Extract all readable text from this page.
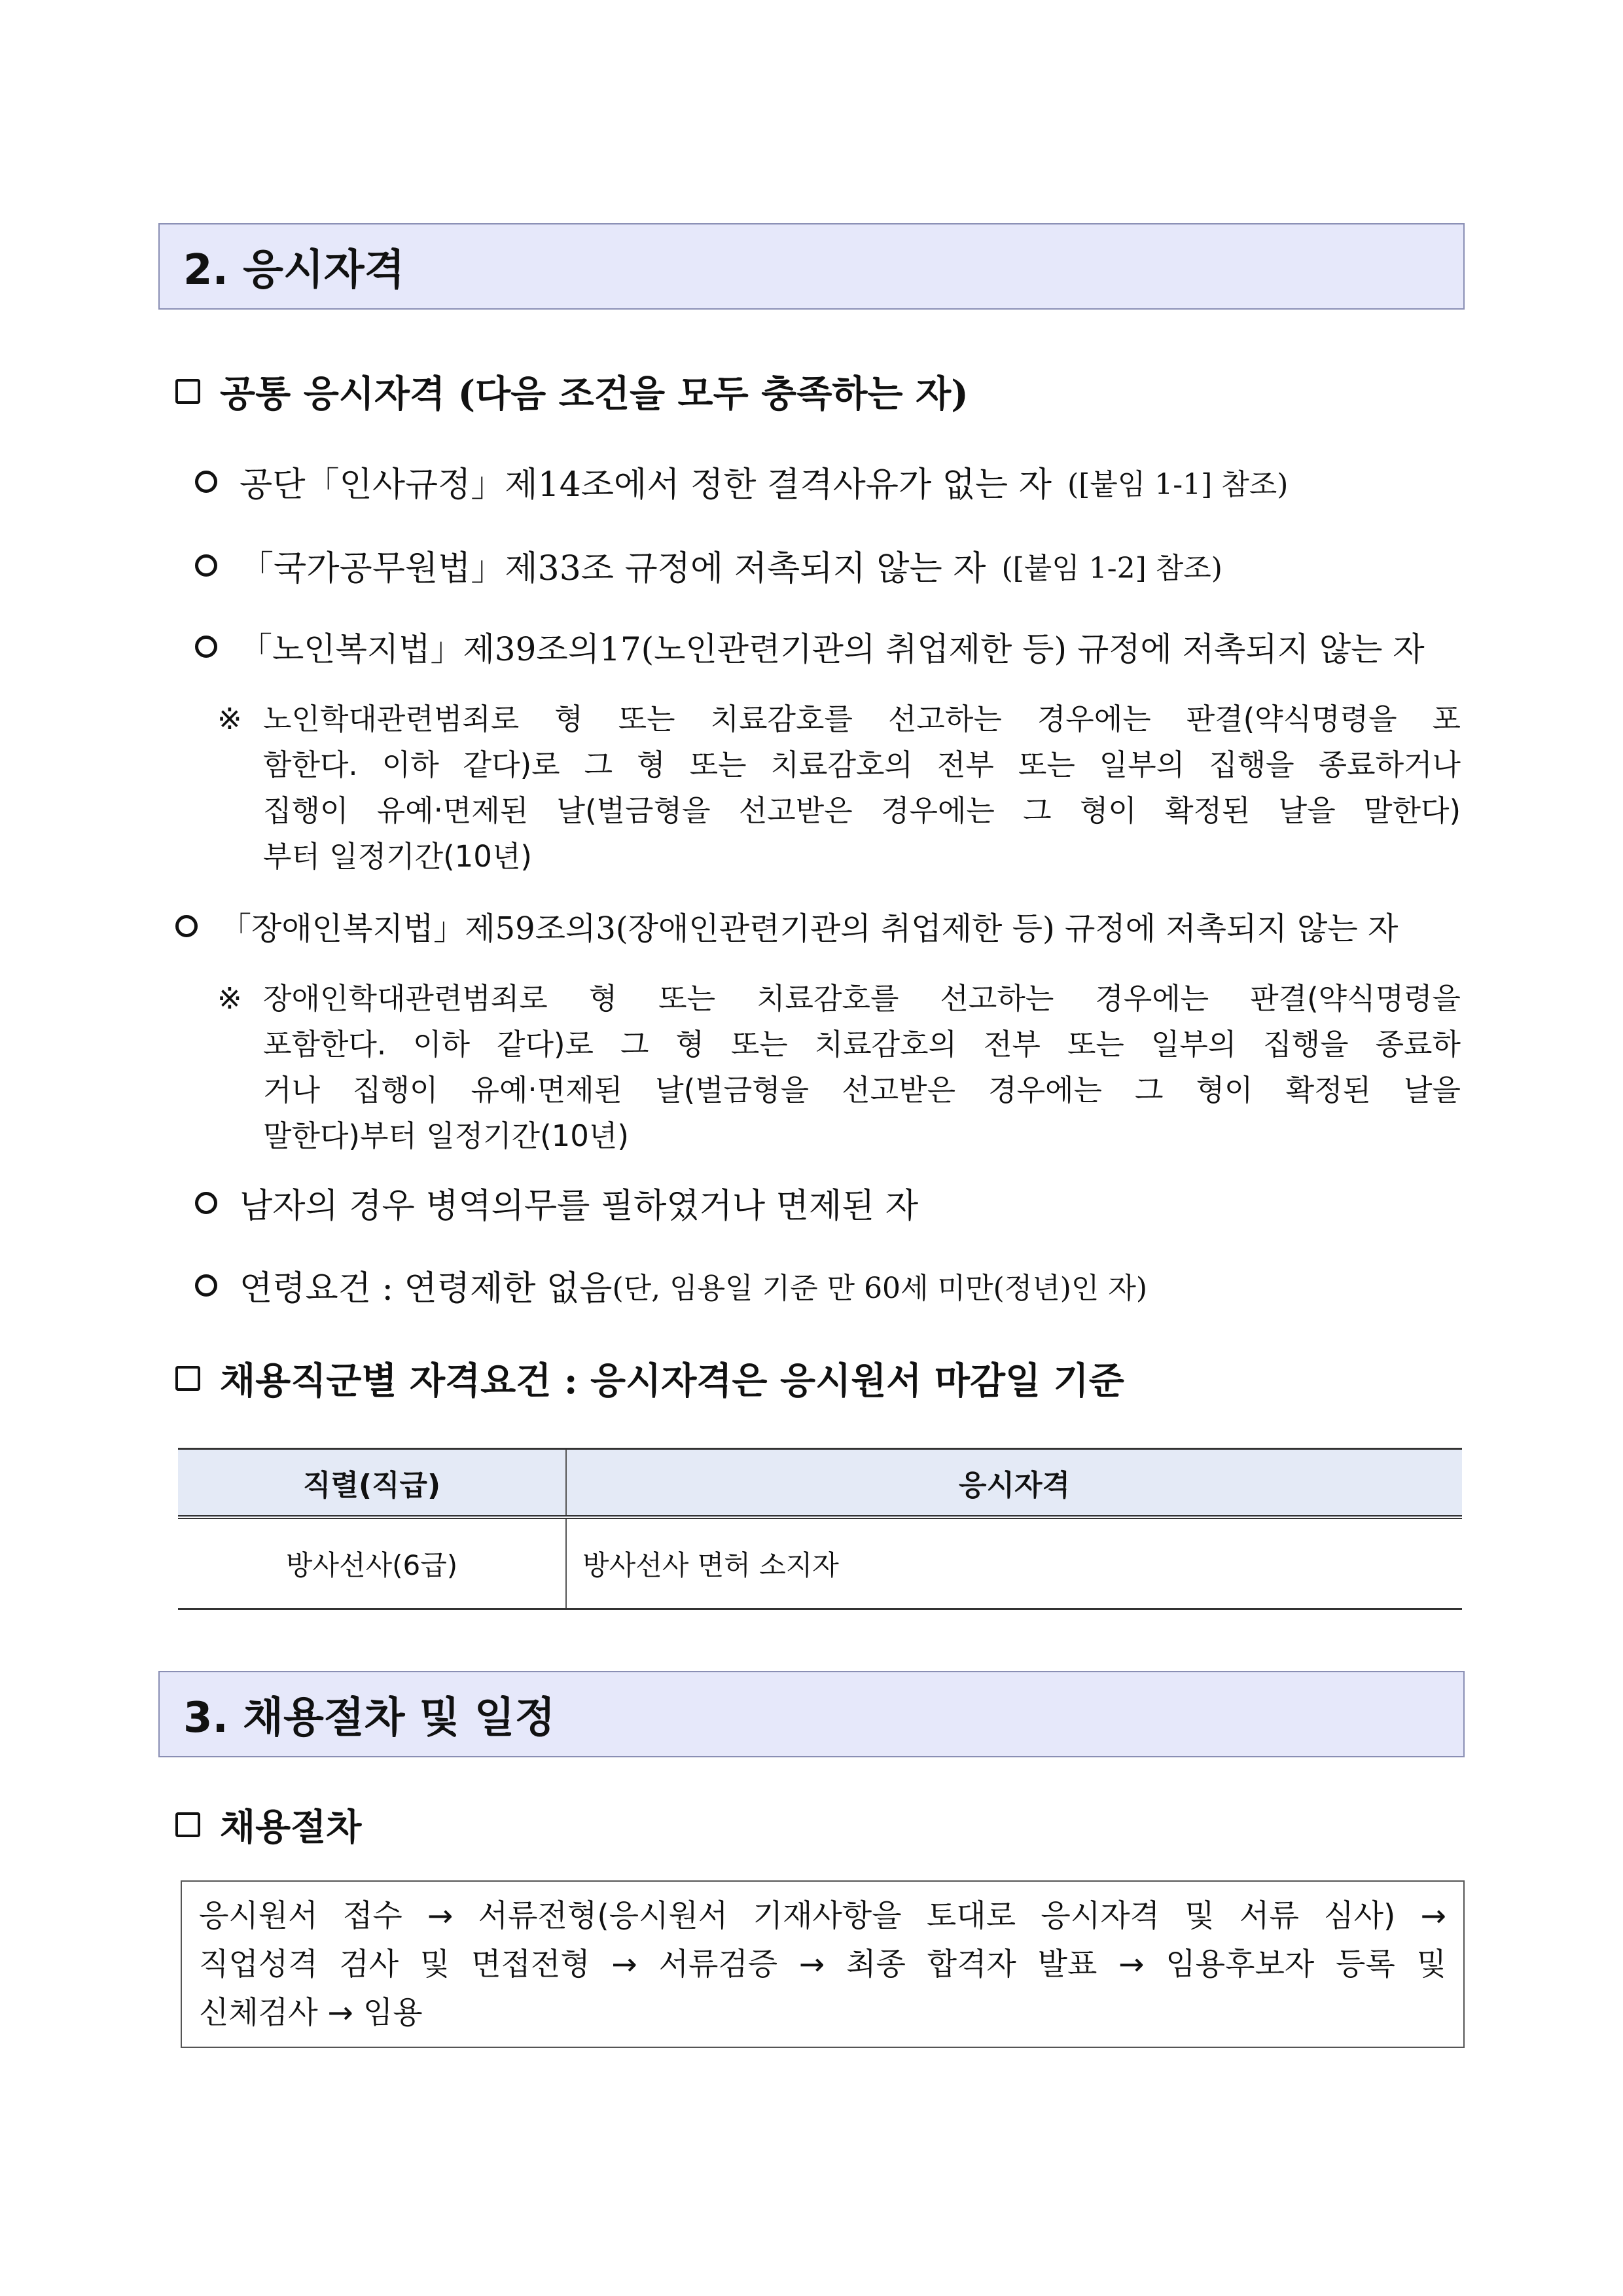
2. 응시자격
공통 응시자격 (다음 조건을 모두 충족하는 자)
공단「인사규정」제14조에서 정한 결격사유가 없는 자 ([붙임 1-1] 참조)
「국가공무원법」제33조 규정에 저촉되지 않는 자 ([붙임 1-2] 참조)
「노인복지법」제39조의17(노인관련기관의 취업제한 등) 규정에 저촉되지 않는 자
※ 노인학대관련범죄로 형 또는 치료감호를 선고하는 경우에는 판결(약식명령을 포
함한다. 이하 같다)로 그 형 또는 치료감호의 전부 또는 일부의 집행을 종료하거나
집행이 유예‧면제된 날(벌금형을 선고받은 경우에는 그 형이 확정된 날을 말한다)
부터 일정기간(10년)
「장애인복지법」제59조의3(장애인관련기관의 취업제한 등) 규정에 저촉되지 않는 자
※ 장애인학대관련범죄로 형 또는 치료감호를 선고하는 경우에는 판결(약식명령을
포함한다. 이하 같다)로 그 형 또는 치료감호의 전부 또는 일부의 집행을 종료하
거나 집행이 유예‧면제된 날(벌금형을 선고받은 경우에는 그 형이 확정된 날을
말한다)부터 일정기간(10년)
남자의 경우 병역의무를 필하였거나 면제된 자
연령요건 : 연령제한 없음 (단, 임용일 기준 만 60세 미만(정년)인 자)
채용직군별 자격요건 : 응시자격은 응시원서 마감일 기준
직렬(직급)	응시자격
방사선사(6급)	방사선사 면허 소지자
3. 채용절차 및 일정
채용절차
응시원서 접수 → 서류전형(응시원서 기재사항을 토대로 응시자격 및 서류 심사) →
직업성격 검사 및 면접전형 → 서류검증 → 최종 합격자 발표 → 임용후보자 등록 및
신체검사 → 임용
